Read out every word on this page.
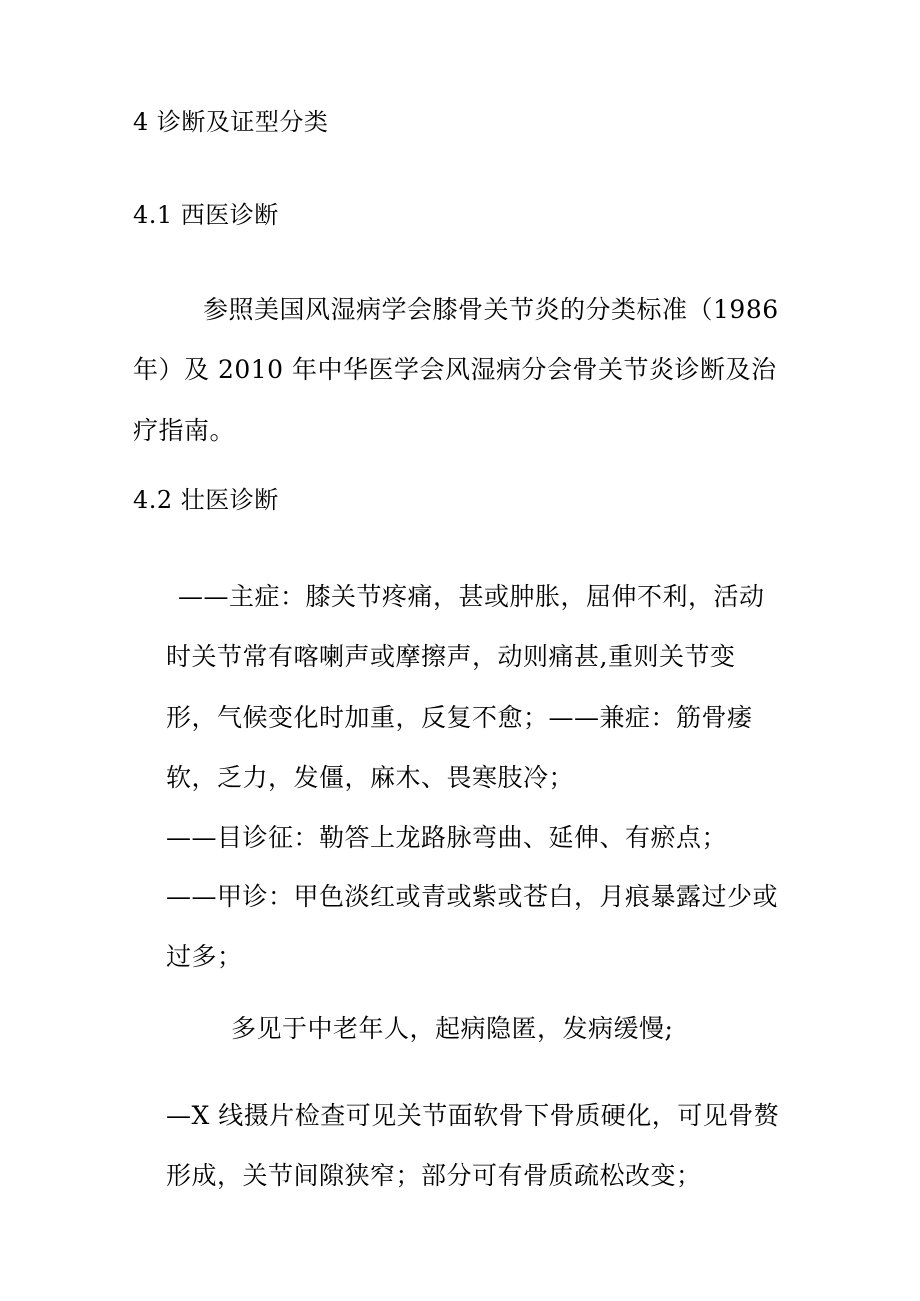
4 诊断及证型分类
4.1 西医诊断
参照美国风湿病学会膝骨关节炎的分类标准（1986
年）及 2010 年中华医学会风湿病分会骨关节炎诊断及治
疗指南。
4.2 壮医诊断
——主症：膝关节疼痛，甚或肿胀，屈伸不利，活动
时关节常有喀喇声或摩擦声，动则痛甚,重则关节变
形，气候变化时加重，反复不愈；——兼症：筋骨痿
软，乏力，发僵，麻木、畏寒肢冷；
——目诊征：勒答上龙路脉弯曲、延伸、有瘀点；
——甲诊：甲色淡红或青或紫或苍白，月痕暴露过少或
过多；
多见于中老年人，起病隐匿，发病缓慢;
—X 线摄片检查可见关节面软骨下骨质硬化，可见骨赘
形成，关节间隙狭窄；部分可有骨质疏松改变；
